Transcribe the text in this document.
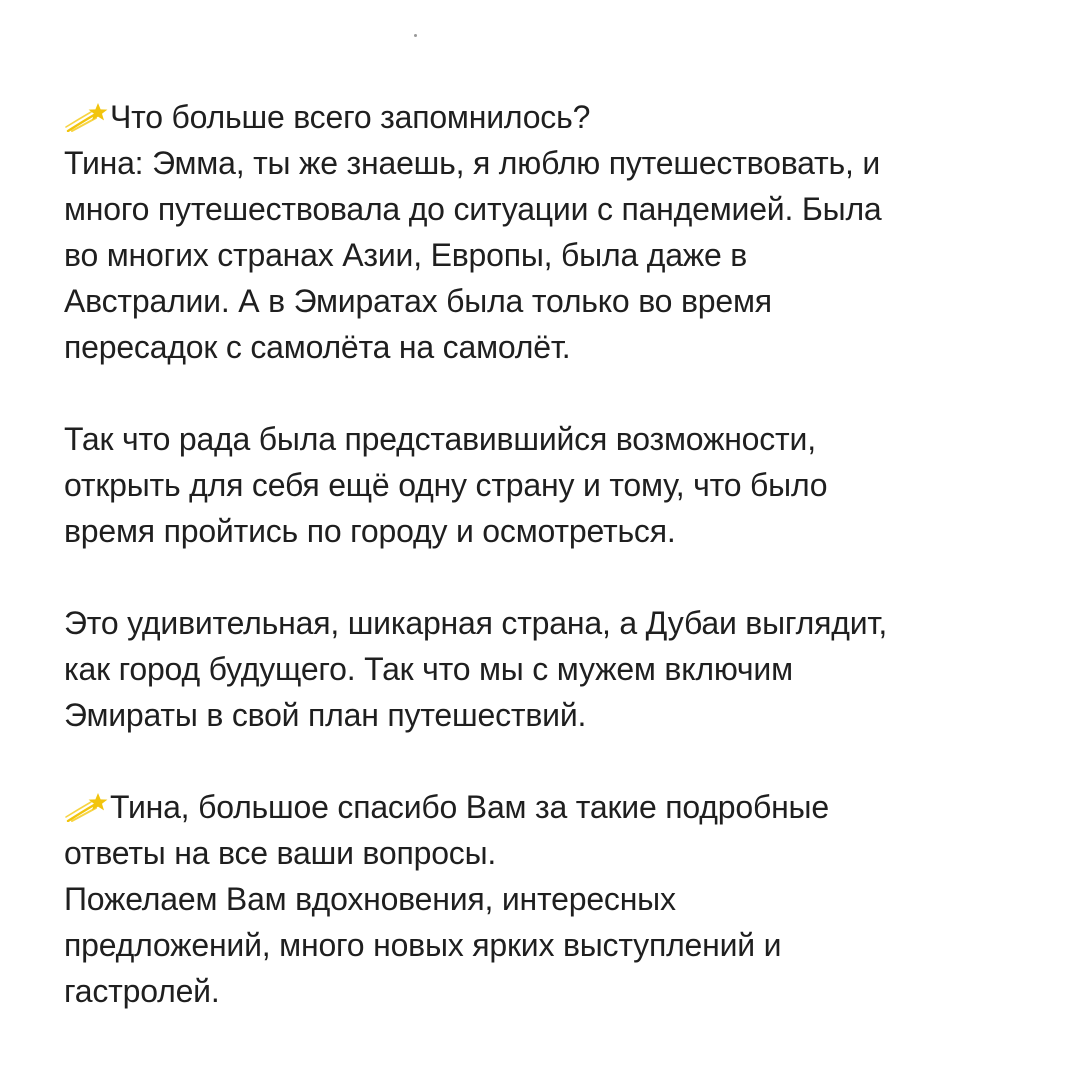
Что больше всего запомнилось?
Тина: Эмма, ты же знаешь, я люблю путешествовать, и
много путешествовала до ситуации с пандемией. Была
во многих странах Азии, Европы, была даже в
Австралии. А в Эмиратах была только во время
пересадок с самолёта на самолёт.
Так что рада была представившийся возможности,
открыть для себя ещё одну страну и тому, что было
время пройтись по городу и осмотреться.
Это удивительная, шикарная страна, а Дубаи выглядит,
как город будущего. Так что мы с мужем включим
Эмираты в свой план путешествий.
Тина, большое спасибо Вам за такие подробные
ответы на все ваши вопросы.
Пожелаем Вам вдохновения, интересных
предложений, много новых ярких выступлений и
гастролей.
